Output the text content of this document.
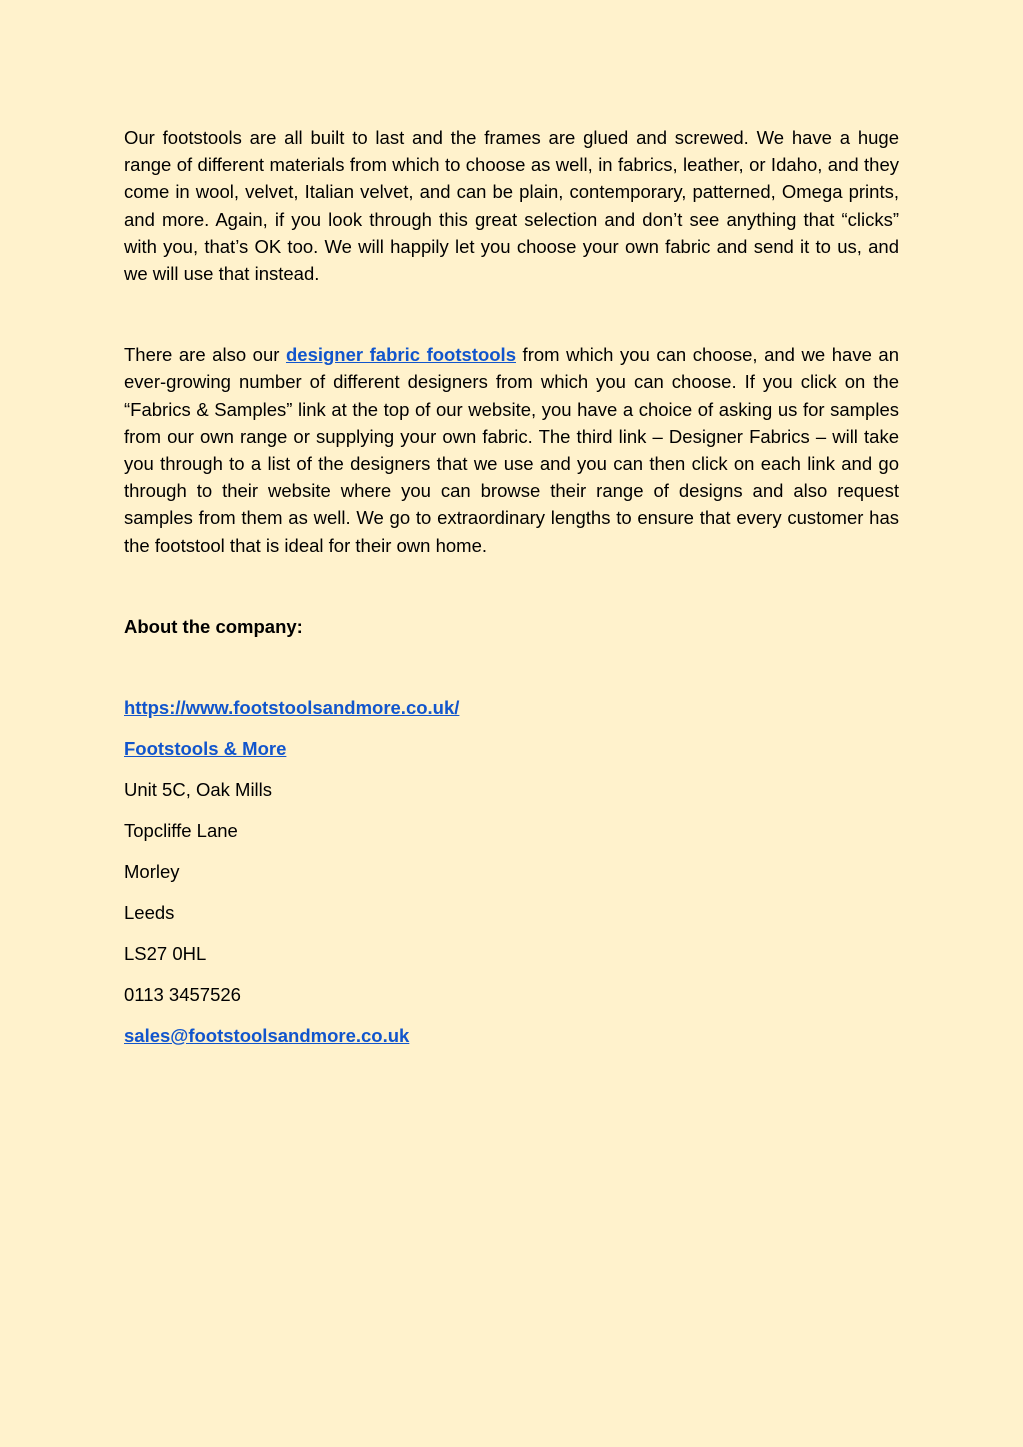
Our footstools are all built to last and the frames are glued and screwed. We have a huge range of different materials from which to choose as well, in fabrics, leather, or Idaho, and they come in wool, velvet, Italian velvet, and can be plain, contemporary, patterned, Omega prints, and more. Again, if you look through this great selection and don’t see anything that “clicks” with you, that’s OK too. We will happily let you choose your own fabric and send it to us, and we will use that instead.

There are also our designer fabric footstools from which you can choose, and we have an ever-growing number of different designers from which you can choose. If you click on the “Fabrics & Samples” link at the top of our website, you have a choice of asking us for samples from our own range or supplying your own fabric. The third link – Designer Fabrics – will take you through to a list of the designers that we use and you can then click on each link and go through to their website where you can browse their range of designs and also request samples from them as well. We go to extraordinary lengths to ensure that every customer has the footstool that is ideal for their own home.

About the company:
https://www.footstoolsandmore.co.uk/
Footstools & More
Unit 5C, Oak Mills
Topcliffe Lane
Morley
Leeds
LS27 0HL
0113 3457526
sales@footstoolsandmore.co.uk
